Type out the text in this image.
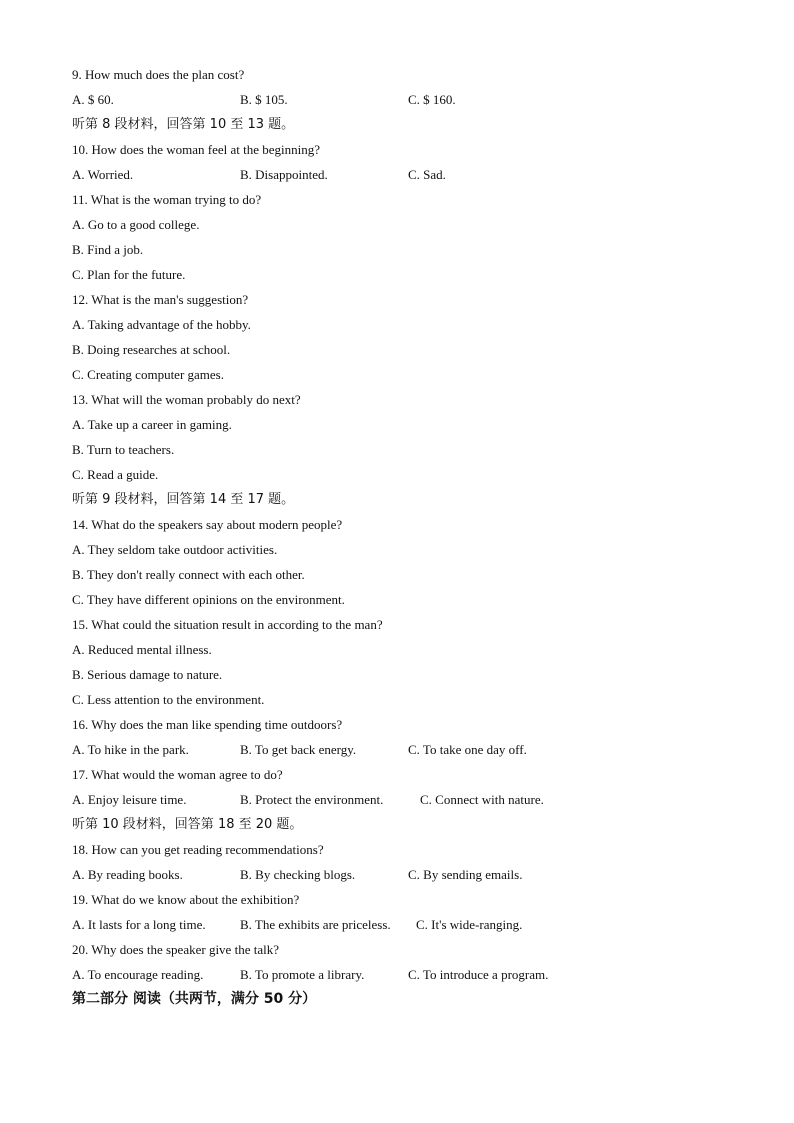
9. How much does the plan cost?
A. $ 60.	B. $ 105.	C. $ 160.
听第 8 段材料，回答第 10 至 13 题。
10. How does the woman feel at the beginning?
A. Worried.	B. Disappointed.	C. Sad.
11. What is the woman trying to do?
A. Go to a good college.
B. Find a job.
C. Plan for the future.
12. What is the man's suggestion?
A. Taking advantage of the hobby.
B. Doing researches at school.
C. Creating computer games.
13. What will the woman probably do next?
A. Take up a career in gaming.
B. Turn to teachers.
C. Read a guide.
听第 9 段材料，回答第 14 至 17 题。
14. What do the speakers say about modern people?
A. They seldom take outdoor activities.
B. They don't really connect with each other.
C. They have different opinions on the environment.
15. What could the situation result in according to the man?
A. Reduced mental illness.
B. Serious damage to nature.
C. Less attention to the environment.
16. Why does the man like spending time outdoors?
A. To hike in the park.	B. To get back energy.	C. To take one day off.
17. What would the woman agree to do?
A. Enjoy leisure time.	B. Protect the environment.	C. Connect with nature.
听第 10 段材料，回答第 18 至 20 题。
18. How can you get reading recommendations?
A. By reading books.	B. By checking blogs.	C. By sending emails.
19. What do we know about the exhibition?
A. It lasts for a long time.	B. The exhibits are priceless. C. It's wide-ranging.
20. Why does the speaker give the talk?
A. To encourage reading.	B. To promote a library.	C. To introduce a program.
第二部分 阅读（共两节，满分 50 分）
